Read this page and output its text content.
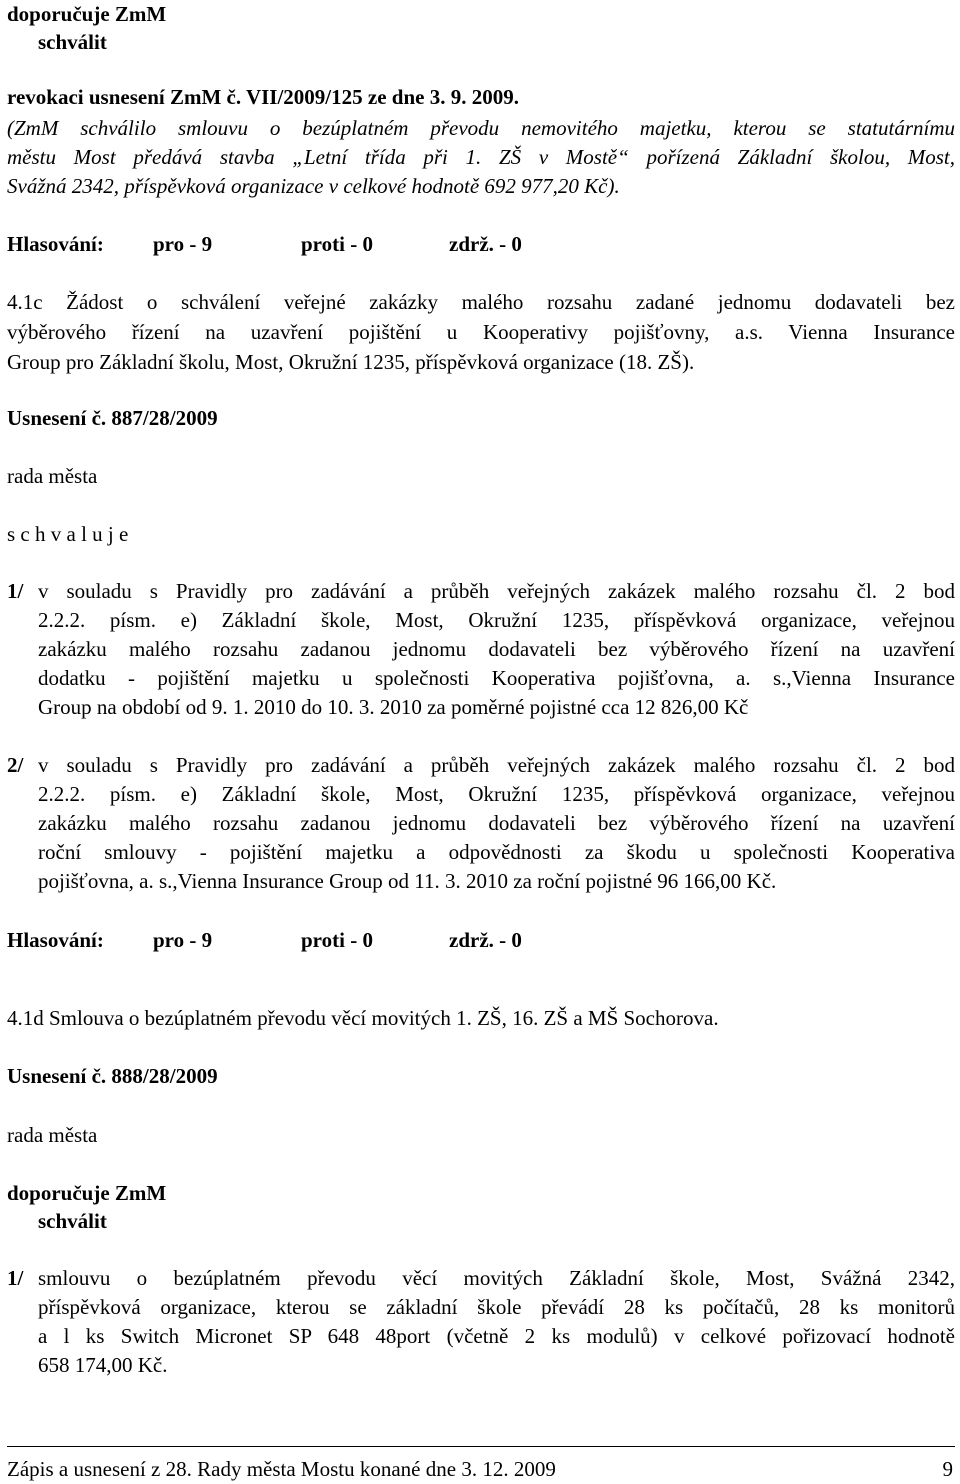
doporučuje ZmM
schválit
revokaci usnesení ZmM č. VII/2009/125 ze dne 3. 9. 2009.
(ZmM schválilo smlouvu o bezúplatném převodu nemovitého majetku, kterou se statutárnímu
městu Most předává stavba „Letní třída při 1. ZŠ v Mostě“ pořízená Základní školou, Most,
Svážná 2342, příspěvková organizace v celkové hodnotě 692 977,20 Kč).
Hlasování: pro - 9	proti - 0	zdrž. - 0
4.1c Žádost o schválení veřejné zakázky malého rozsahu zadané jednomu dodavateli bez
výběrového řízení na uzavření pojištění u Kooperativy pojišťovny, a.s. Vienna Insurance
Group pro Základní školu, Most, Okružní 1235, příspěvková organizace (18. ZŠ).
Usnesení č. 887/28/2009
rada města
s c h v a l u j e
1/ v souladu s Pravidly pro zadávání a průběh veřejných zakázek malého rozsahu čl. 2 bod
2.2.2. písm. e) Základní škole, Most, Okružní 1235, příspěvková organizace, veřejnou
zakázku malého rozsahu zadanou jednomu dodavateli bez výběrového řízení na uzavření
dodatku - pojištění majetku u společnosti Kooperativa pojišťovna, a. s.,Vienna Insurance
Group na období od 9. 1. 2010 do 10. 3. 2010 za poměrné pojistné cca 12 826,00 Kč
2/ v souladu s Pravidly pro zadávání a průběh veřejných zakázek malého rozsahu čl. 2 bod
2.2.2. písm. e) Základní škole, Most, Okružní 1235, příspěvková organizace, veřejnou
zakázku malého rozsahu zadanou jednomu dodavateli bez výběrového řízení na uzavření
roční smlouvy - pojištění majetku a odpovědnosti za škodu u společnosti Kooperativa
pojišťovna, a. s.,Vienna Insurance Group od 11. 3. 2010 za roční pojistné 96 166,00 Kč.
Hlasování: pro - 9	proti - 0	zdrž. - 0
4.1d Smlouva o bezúplatném převodu věcí movitých 1. ZŠ, 16. ZŠ a MŠ Sochorova.
Usnesení č. 888/28/2009
rada města
doporučuje ZmM
schválit
1/ smlouvu o bezúplatném převodu věcí movitých Základní škole, Most, Svážná 2342,
příspěvková organizace, kterou se základní škole převádí 28 ks počítačů, 28 ks monitorů
a l ks Switch Micronet SP 648 48port (včetně 2 ks modulů) v celkové pořizovací hodnotě
658 174,00 Kč.
Zápis a usnesení z 28. Rady města Mostu konané dne 3. 12. 2009	9
